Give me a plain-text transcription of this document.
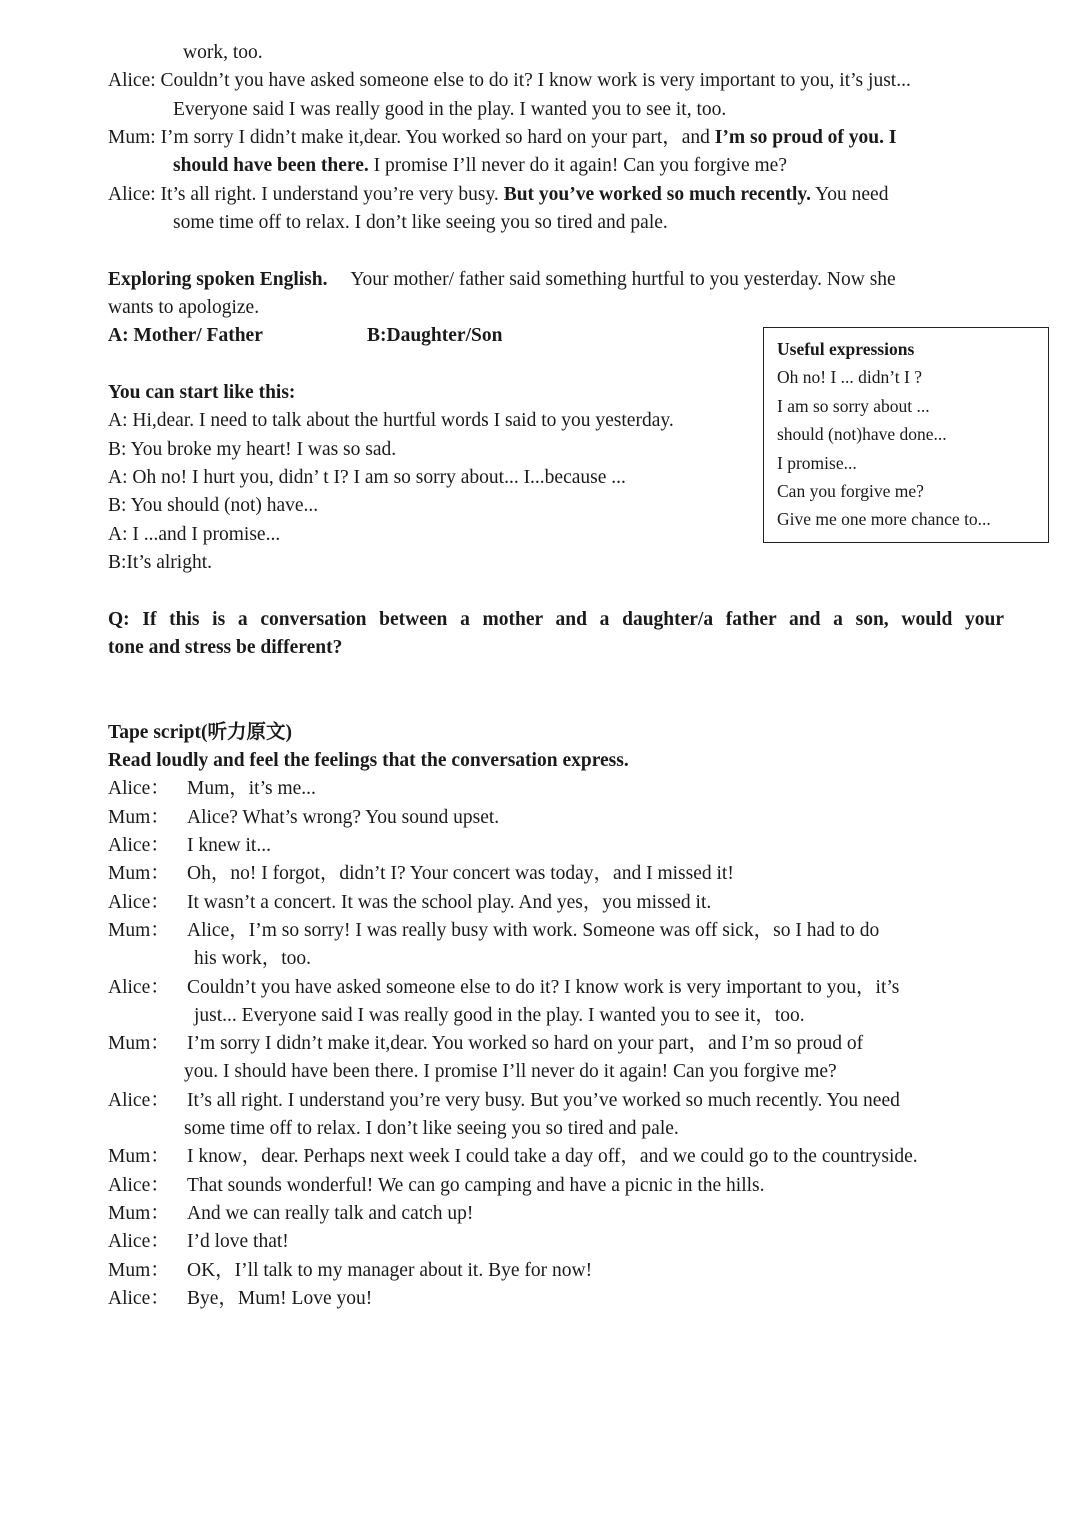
work, too.
Alice: Couldn’t you have asked someone else to do it? I know work is very important to you, it’s just...
Everyone said I was really good in the play. I wanted you to see it, too.
Mum: I’m sorry I didn’t make it,dear. You worked so hard on your part，and I’m so proud of you. I
should have been there. I promise I’ll never do it again! Can you forgive me?
Alice: It’s all right. I understand you’re very busy. But you’ve worked so much recently. You need
some time off to relax. I don’t like seeing you so tired and pale.
Exploring spoken English. Your mother/ father said something hurtful to you yesterday. Now she
wants to apologize.
A: Mother/ Father	B:Daughter/Son
You can start like this:
A: Hi,dear. I need to talk about the hurtful words I said to you yesterday.
B: You broke my heart! I was so sad.
A: Oh no! I hurt you, didn’ t I? I am so sorry about... I...because ...
B: You should (not) have...
A: I ...and I promise...
B:It’s alright.
Useful expressions
Oh no! I ... didn’t I ?
I am so sorry about ...
should (not)have done...
I promise...
Can you forgive me?
Give me one more chance to...
Q: If this is a conversation between a mother and a daughter/a father and a son, would your
tone and stress be different?
Tape script(听力原文)
Read loudly and feel the feelings that the conversation express.
Alice： Mum，it’s me...
Mum： Alice? What’s wrong? You sound upset.
Alice： I knew it...
Mum： Oh，no! I forgot，didn’t I? Your concert was today，and I missed it!
Alice： It wasn’t a concert. It was the school play. And yes，you missed it.
Mum： Alice，I’m so sorry! I was really busy with work. Someone was off sick，so I had to do
his work，too.
Alice： Couldn’t you have asked someone else to do it? I know work is very important to you，it’s
just... Everyone said I was really good in the play. I wanted you to see it，too.
Mum： I’m sorry I didn’t make it,dear. You worked so hard on your part，and I’m so proud of
you. I should have been there. I promise I’ll never do it again! Can you forgive me?
Alice： It’s all right. I understand you’re very busy. But you’ve worked so much recently. You need
some time off to relax. I don’t like seeing you so tired and pale.
Mum： I know，dear. Perhaps next week I could take a day off，and we could go to the countryside.
Alice： That sounds wonderful! We can go camping and have a picnic in the hills.
Mum： And we can really talk and catch up!
Alice： I’d love that!
Mum： OK，I’ll talk to my manager about it. Bye for now!
Alice： Bye，Mum! Love you!
